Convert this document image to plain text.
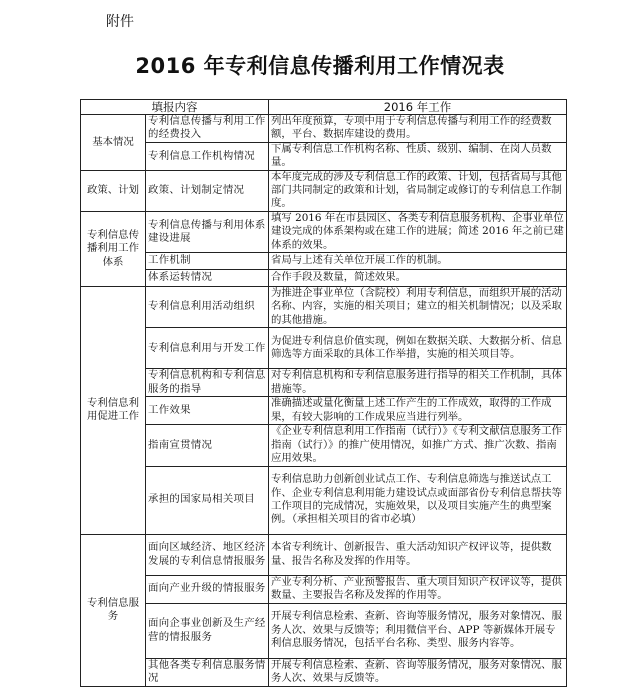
附件
2016 年专利信息传播利用工作情况表
填报内容		2016 年工作
基本情况	专利信息传播与利用工作的经费投入	列出年度预算，专项中用于专利信息传播与利用工作的经费数额，平台、数据库建设的费用。
	专利信息工作机构情况	下属专利信息工作机构名称、性质、级别、编制、在岗人员数量。
政策、计划	政策、计划制定情况	本年度完成的涉及专利信息工作的政策、计划，包括省局与其他部门共同制定的政策和计划，省局制定或修订的专利信息工作制度。
专利信息传播利用工作体系	专利信息传播与利用体系建设进展	填写 2016 年在市县园区、各类专利信息服务机构、企事业单位建设完成的体系架构或在建工作的进展；简述 2016 年之前已建体系的效果。
	工作机制	省局与上述有关单位开展工作的机制。
	体系运转情况	合作手段及数量，简述效果。
专利信息利用促进工作	专利信息利用活动组织	为推进企事业单位（含院校）利用专利信息，而组织开展的活动名称、内容，实施的相关项目；建立的相关机制情况；以及采取的其他措施。
	专利信息利用与开发工作	为促进专利信息价值实现，例如在数据关联、大数据分析、信息筛选等方面采取的具体工作举措，实施的相关项目等。
	专利信息机构和专利信息服务的指导	对专利信息机构和专利信息服务进行指导的相关工作机制，具体措施等。
	工作效果	准确描述或量化衡量上述工作产生的工作成效，取得的工作成果，有较大影响的工作成果应当进行列举。
	指南宣贯情况	《企业专利信息利用工作指南（试行）》《专利文献信息服务工作指南（试行）》的推广使用情况，如推广方式、推广次数、指南应用效果。
	承担的国家局相关项目	专利信息助力创新创业试点工作、专利信息筛选与推送试点工作、企业专利信息利用能力建设试点或面部省份专利信息帮扶等工作项目的完成情况，实施效果，以及项目实施产生的典型案例。（承担相关项目的省市必填）
专利信息服务	面向区域经济、地区经济发展的专利信息情报服务	本省专利统计、创新报告、重大活动知识产权评议等，提供数量、报告名称及发挥的作用等。
	面向产业升级的情报服务	产业专利分析、产业预警报告、重大项目知识产权评议等，提供数量、主要报告名称及发挥的作用等。
	面向企事业创新及生产经营的情报服务	开展专利信息检索、查新、咨询等服务情况，服务对象情况、服务人次、效果与反馈等；利用微信平台、APP 等新媒体开展专利信息服务情况，包括平台名称、类型、服务内容等。
	其他各类专利信息服务情况	开展专利信息检索、查新、咨询等服务情况，服务对象情况、服务人次、效果与反馈等。
